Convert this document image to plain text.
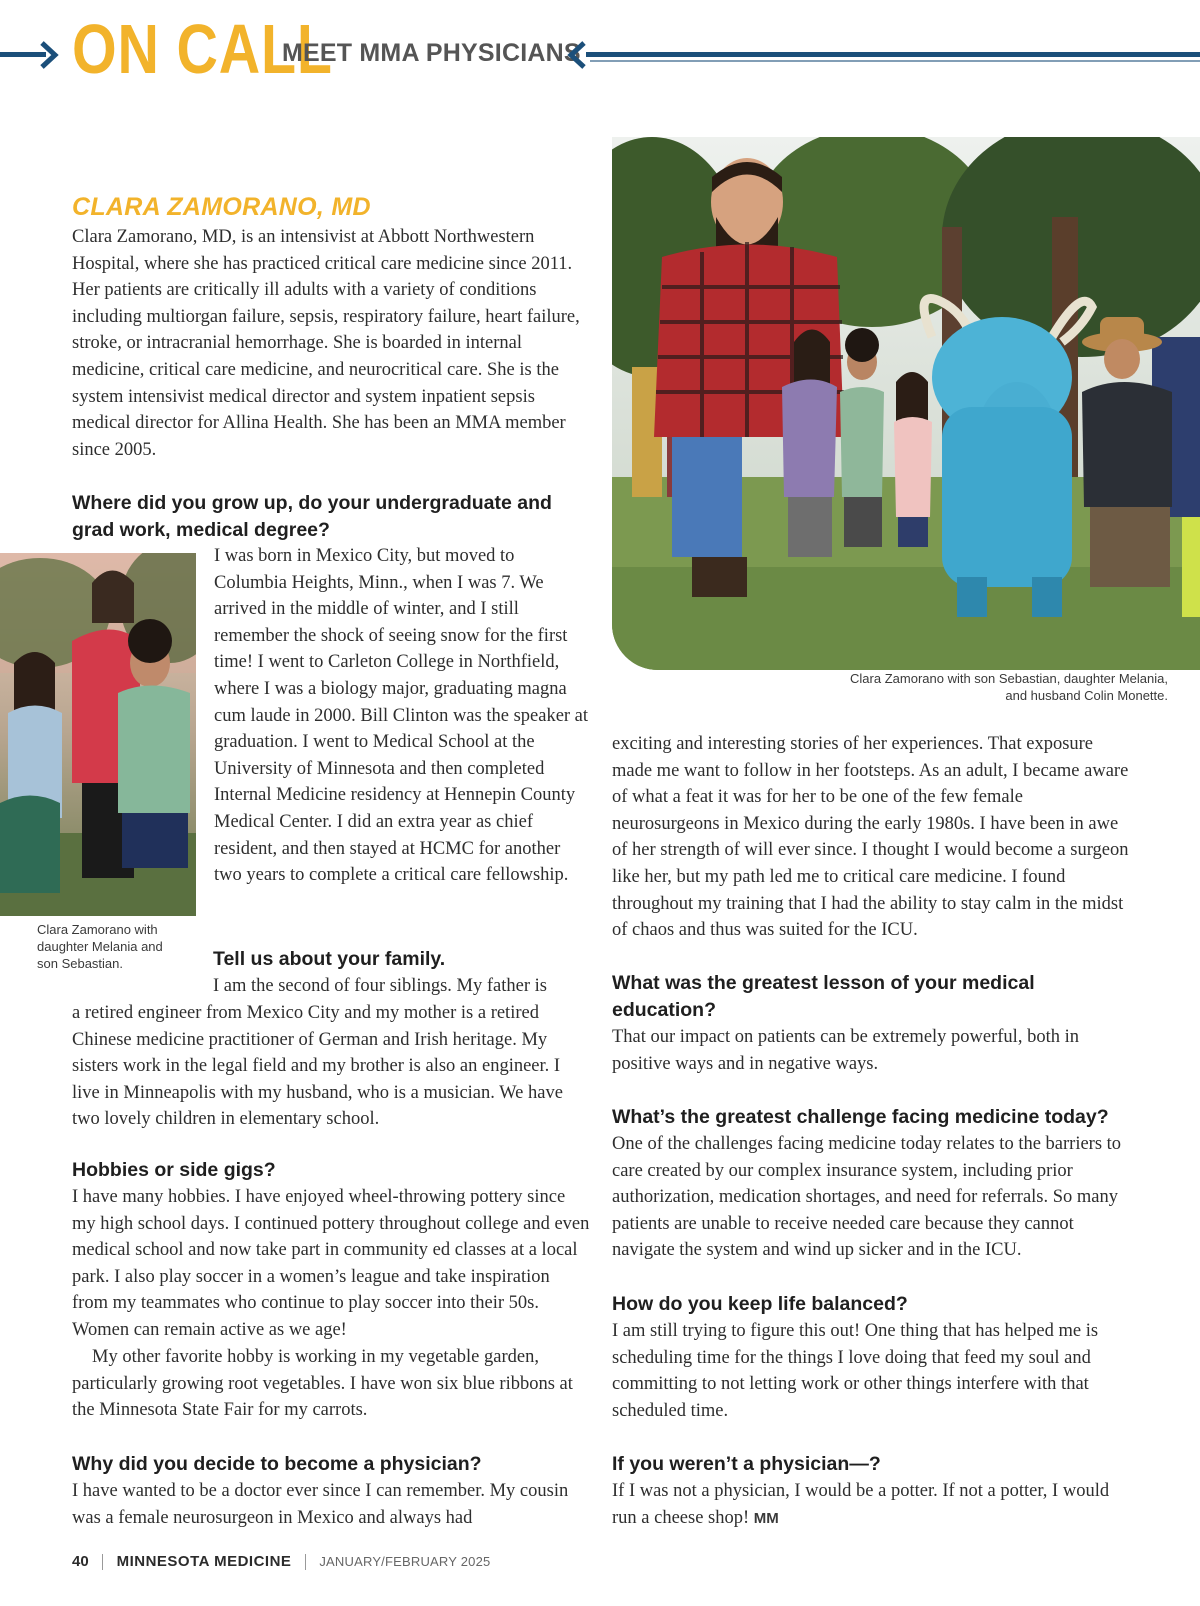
ON CALL
MEET MMA PHYSICIANS
CLARA ZAMORANO, MD

Clara Zamorano, MD, is an intensivist at Abbott Northwestern Hospital, where she has practiced critical care medicine since 2011. Her patients are critically ill adults with a variety of conditions including multiorgan failure, sepsis, respiratory failure, heart failure, stroke, or intracranial hemorrhage. She is boarded in internal medicine, critical care medicine, and neurocritical care. She is the system intensivist medical director and system inpatient sepsis medical director for Allina Health. She has been an MMA member since 2005.

Where did you grow up, do your undergraduate and grad work, medical degree?

I was born in Mexico City, but moved to Columbia Heights, Minn., when I was 7. We arrived in the middle of winter, and I still remember the shock of seeing snow for the first time! I went to Carleton College in Northfield, where I was a biology major, graduating magna cum laude in 2000. Bill Clinton was the speaker at graduation. I went to Medical School at the University of Minnesota and then completed Internal Medicine residency at Hennepin County Medical Center. I did an extra year as chief resident, and then stayed at HCMC for another two years to complete a critical care fellowship.

Clara Zamorano with daughter Melania and son Sebastian.	Tell us about your family.

I am the second of four siblings. My father is

a retired engineer from Mexico City and my mother is a retired Chinese medicine practitioner of German and Irish heritage. My sisters work in the legal field and my brother is also an engineer. I live in Minneapolis with my husband, who is a musician. We have two lovely children in elementary school.

Hobbies or side gigs?

I have many hobbies. I have enjoyed wheel-throwing pottery since my high school days. I continued pottery throughout college and even medical school and now take part in community ed classes at a local park. I also play soccer in a women’s league and take inspiration from my teammates who continue to play soccer into their 50s. Women can remain active as we age!

My other favorite hobby is working in my vegetable garden, particularly growing root vegetables. I have won six blue ribbons at the Minnesota State Fair for my carrots.

Why did you decide to become a physician?

I have wanted to be a doctor ever since I can remember. My cousin was a female neurosurgeon in Mexico and always had

Clara Zamorano with son Sebastian, daughter Melania, and husband Colin Monette.

exciting and interesting stories of her experiences. That exposure made me want to follow in her footsteps. As an adult, I became aware of what a feat it was for her to be one of the few female neurosurgeons in Mexico during the early 1980s. I have been in awe of her strength of will ever since. I thought I would become a surgeon like her, but my path led me to critical care medicine. I found throughout my training that I had the ability to stay calm in the midst of chaos and thus was suited for the ICU.

What was the greatest lesson of your medical education?

That our impact on patients can be extremely powerful, both in positive ways and in negative ways.

What’s the greatest challenge facing medicine today?

One of the challenges facing medicine today relates to the barriers to care created by our complex insurance system, including prior authorization, medication shortages, and need for referrals. So many patients are unable to receive needed care because they cannot navigate the system and wind up sicker and in the ICU.

How do you keep life balanced?

I am still trying to figure this out! One thing that has helped me is scheduling time for the things I love doing that feed my soul and committing to not letting work or other things interfere with that scheduled time.

If you weren’t a physician—?

If I was not a physician, I would be a potter. If not a potter, I would run a cheese shop! MM

40 MINNESOTA MEDICINE JANUARY/FEBRUARY 2025
